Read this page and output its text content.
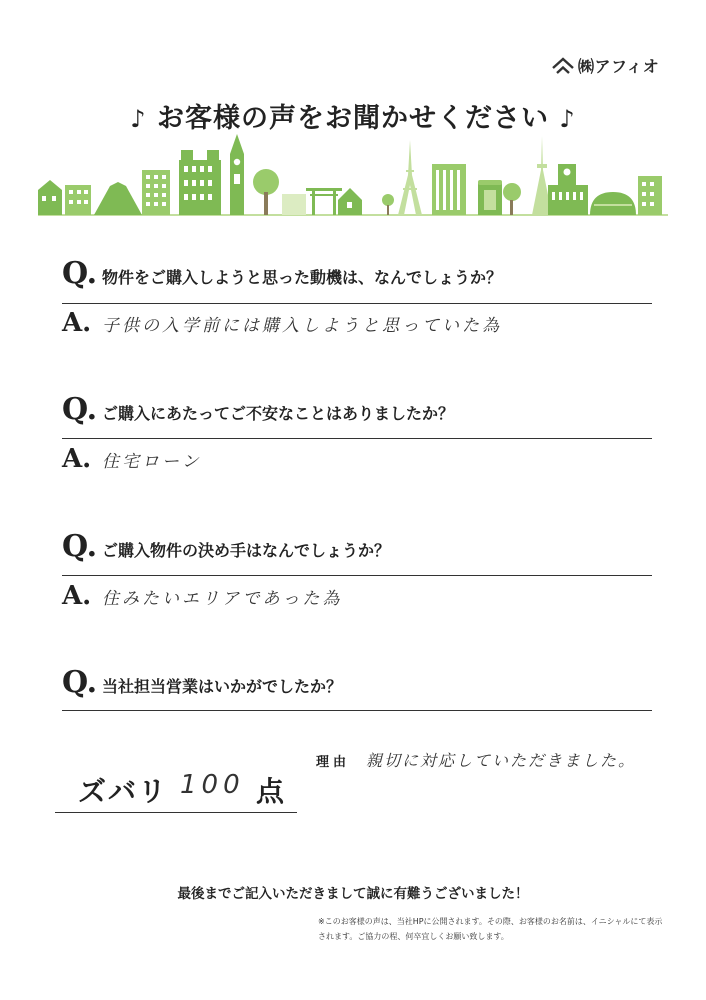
㈱アフィオ
♪ お客様の声をお聞かせください ♪
Q. 物件をご購入しようと思った動機は、なんでしょうか？
A. 子供の入学前には購入しようと思っていた為
Q. ご購入にあたってご不安なことはありましたか？
A. 住宅ローン
Q. ご購入物件の決め手はなんでしょうか？
A. 住みたいエリアであった為
Q. 当社担当営業はいかがでしたか？
理由 親切に対応していただきました。
ズバリ 100 点
最後までご記入いただきまして誠に有難うございました！
※このお客様の声は、当社HPに公開されます。その際、お客様のお名前は、イニシャルにて表示されます。ご協力の程、何卒宜しくお願い致します。
